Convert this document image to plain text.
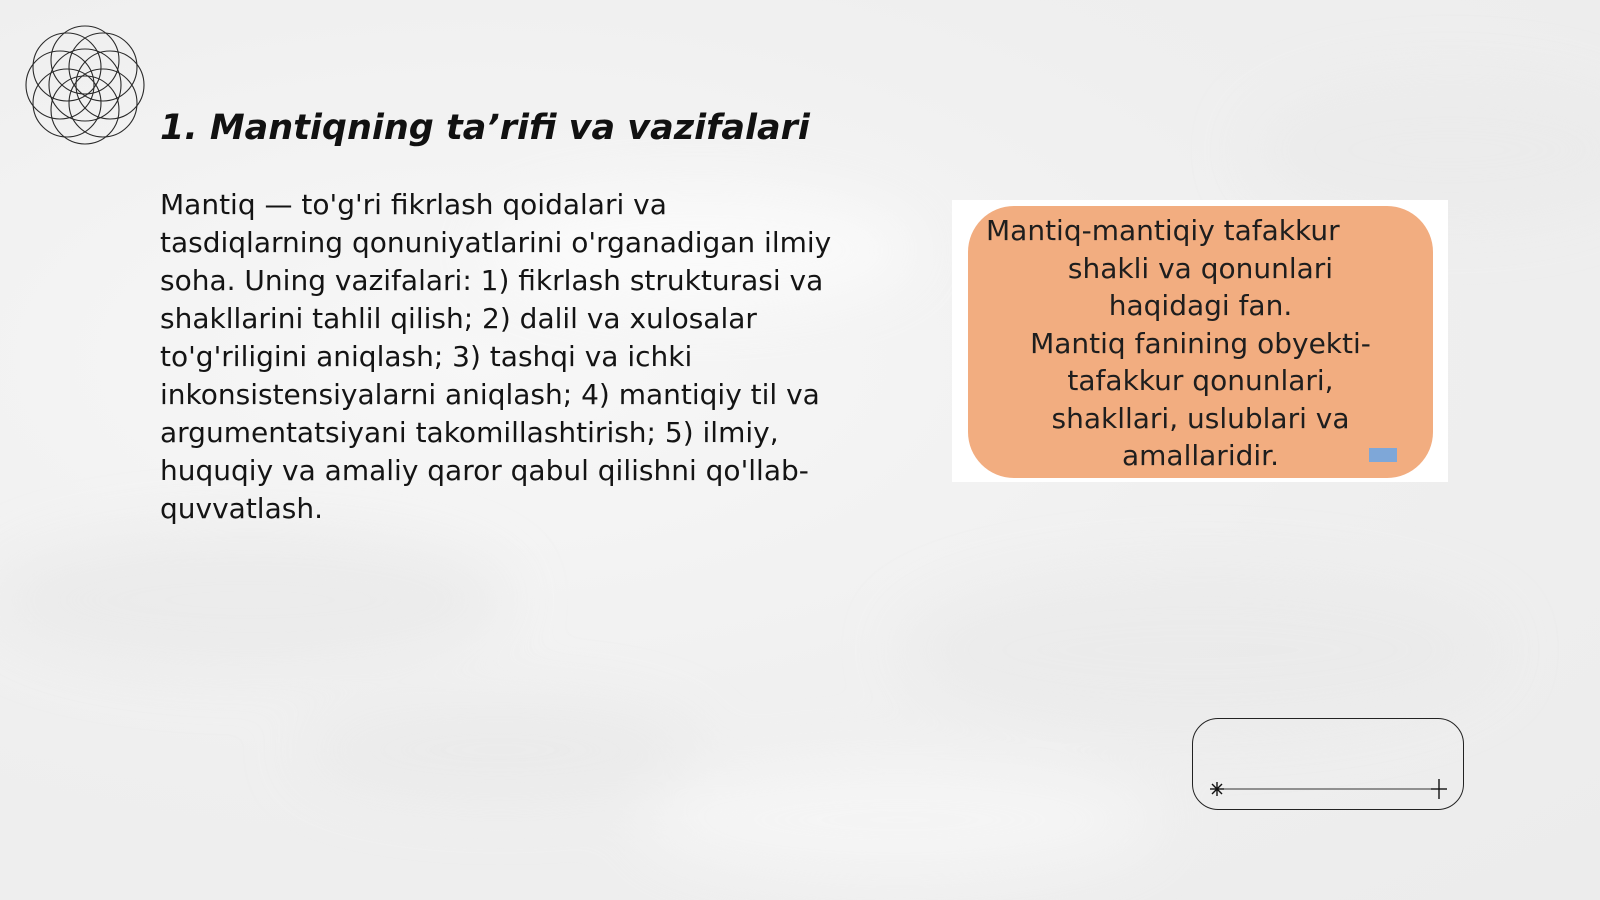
1. Mantiqning ta’rifi va vazifalari

Mantiq — to'g'ri fikrlash qoidalari va tasdiqlarning qonuniyatlarini o'rganadigan ilmiy soha. Uning vazifalari: 1) fikrlash strukturasi va shakllarini tahlil qilish; 2) dalil va xulosalar to'g'riligini aniqlash; 3) tashqi va ichki inkonsistensiyalarni aniqlash; 4) mantiqiy til va argumentatsiyani takomillashtirish; 5) ilmiy, huquqiy va amaliy qaror qabul qilishni qo'llab-quvvatlash.

Mantiq-mantiqiy tafakkur
shakli va qonunlari
haqidagi fan.
Mantiq fanining obyekti-
tafakkur qonunlari,
shakllari, uslublari va
amallaridir.
